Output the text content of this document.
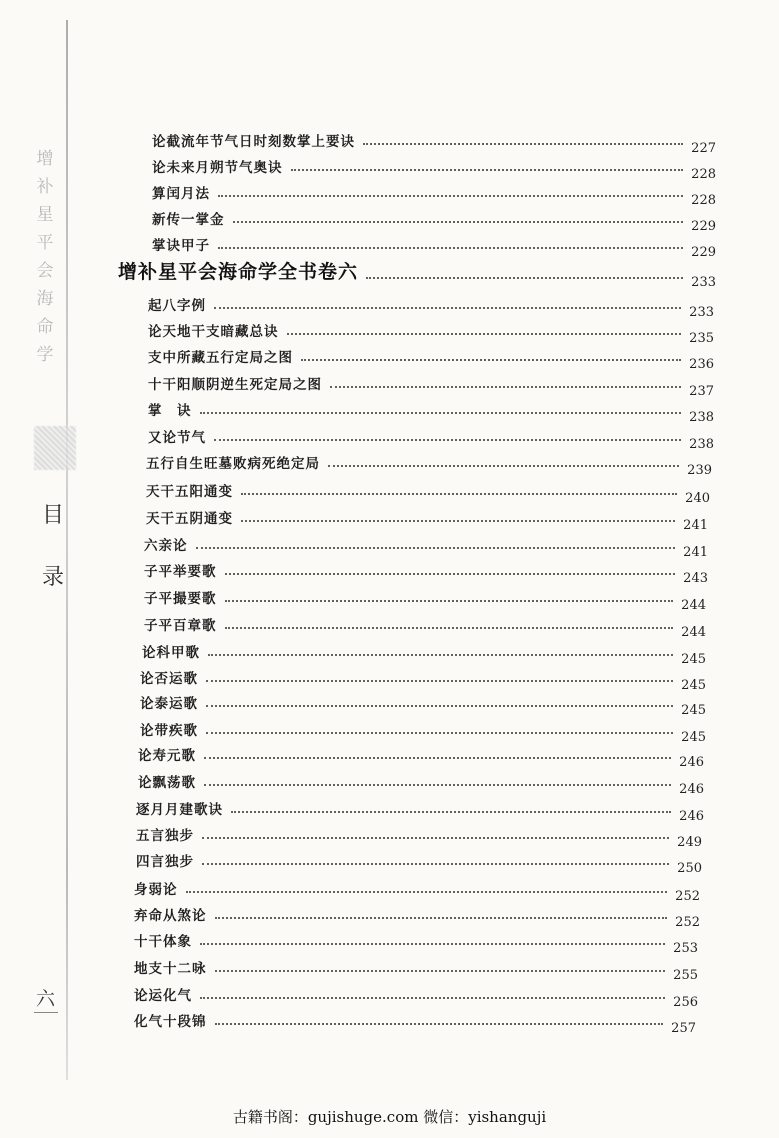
增
补
星
平
会
海
命
学
目
录
六
论截流年节气日时刻数掌上要诀	227
论未来月朔节气奥诀	228
算闰月法	228
新传一掌金	229
掌诀甲子	229
增补星平会海命学全书卷六	233
起八字例	233
论天地干支暗藏总诀	235
支中所藏五行定局之图	236
十干阳顺阴逆生死定局之图	237
掌　诀	238
又论节气	238
五行自生旺墓败病死绝定局	239
天干五阳通变	240
天干五阴通变	241
六亲论	241
子平举要歌	243
子平撮要歌	244
子平百章歌	244
论科甲歌	245
论否运歌	245
论泰运歌	245
论带疾歌	245
论寿元歌	246
论飘荡歌	246
逐月月建歌诀	246
五言独步	249
四言独步	250
身弱论	252
弃命从煞论	252
十干体象	253
地支十二咏	255
论运化气	256
化气十段锦	257
古籍书阁：gujishuge.com 微信：yishanguji
